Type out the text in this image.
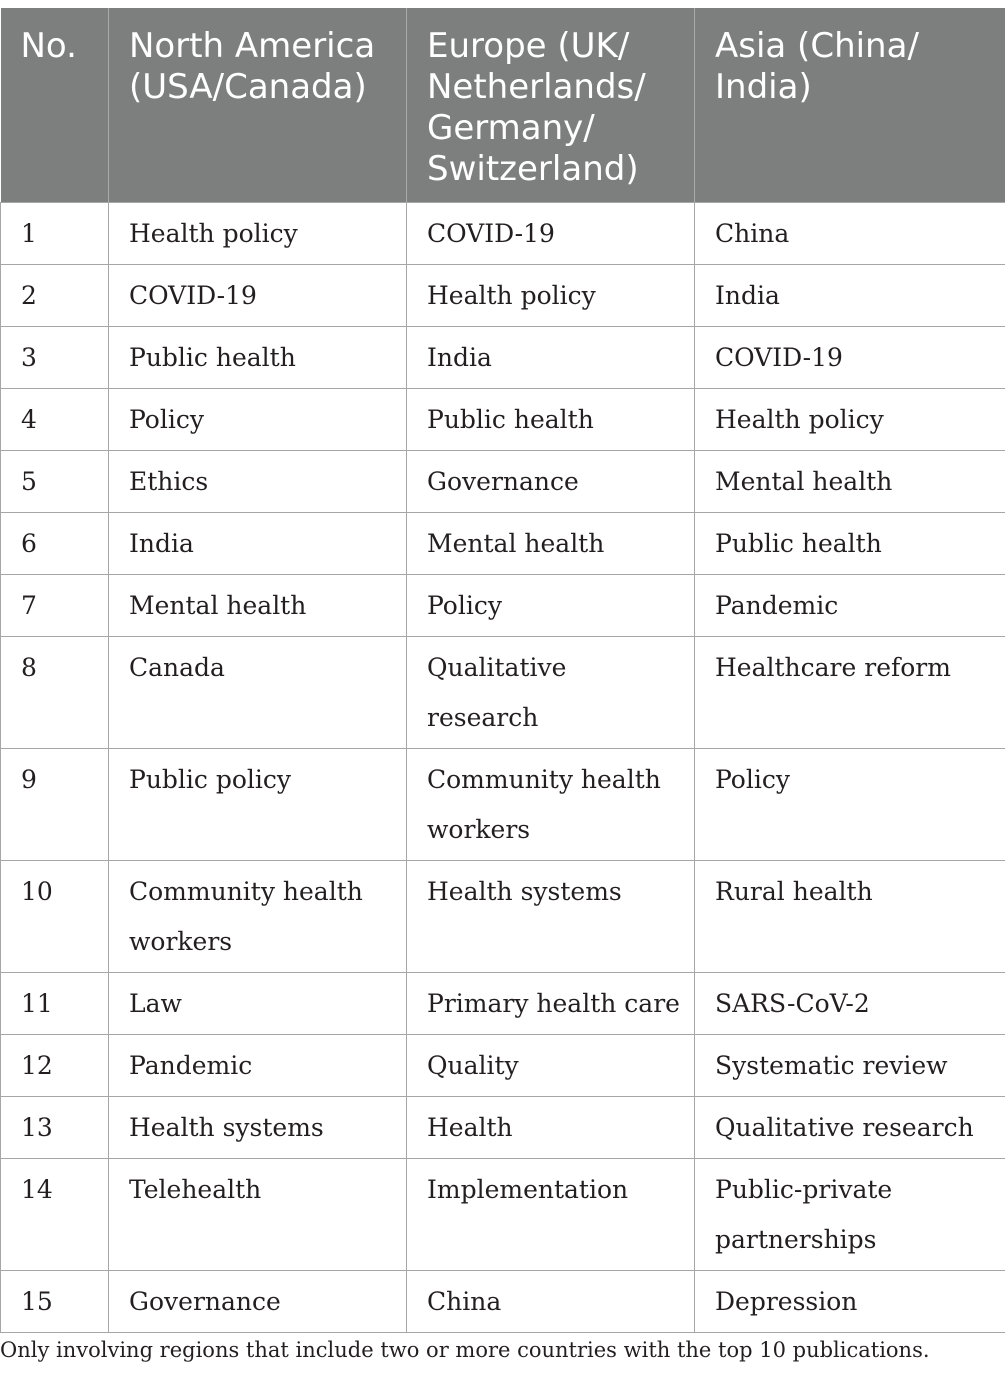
No.	North America (USA/Canada)	Europe (UK/ Netherlands/ Germany/ Switzerland)	Asia (China/ India)
1	Health policy	COVID-19	China
2	COVID-19	Health policy	India
3	Public health	India	COVID-19
4	Policy	Public health	Health policy
5	Ethics	Governance	Mental health
6	India	Mental health	Public health
7	Mental health	Policy	Pandemic
8	Canada	Qualitative research	Healthcare reform
9	Public policy	Community health workers	Policy
10	Community health workers	Health systems	Rural health
11	Law	Primary health care	SARS-CoV-2
12	Pandemic	Quality	Systematic review
13	Health systems	Health	Qualitative research
14	Telehealth	Implementation	Public-private partnerships
15	Governance	China	Depression
Only involving regions that include two or more countries with the top 10 publications.
